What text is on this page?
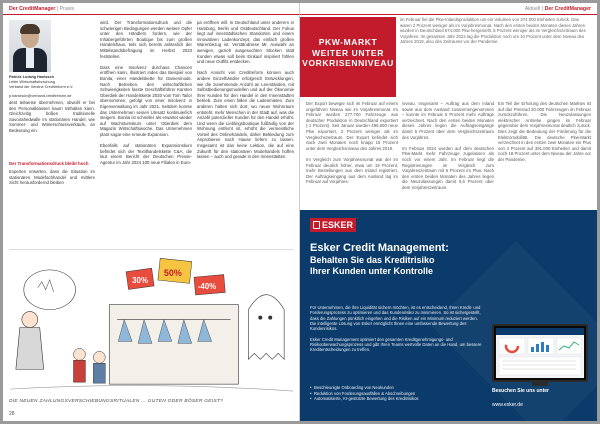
Der CreditManager | Praxis
Patrick Ludwig Hantzsch
Leiter Wirtschaftsforschung
Verband der Vereine Creditreform e.V.
p.hantzsch@verband.creditreform.de
dest teilweise übernehmen, obwohl er bei den Personalklassen kaum mithalten kann. Gleichzeitig büßen traditionelle Savoirahedwalle im stationären Handel, wie Sommer- und Winterschlussverkäufe, an Bedeutung ein.
Der Transformationsdruck bleibt hoch
Experten erwarten, dass die Situation im stationären Modefachhandel und mittlere Sicht herausfordernd bleiben
wird. Der Transformationsdruck und die schwierigen Bedingungen werden weitere Opfer unter den Händlern fordern, wie der Inhabergeführten Boutique bis zum großen Handelshaus, teils sich bereits anlässlich der Mittelstandsbefragung im Herbst 2023 feststellen.

Dass eine Insolvenz durchaus Chancen eröffnen kann, illustriert indes das Beispiel von Bonita, einer Handelskette für Damenmode. Nach Betrieben, den wirtschaftlichen Schwierigkeiten fasste Geschäftsführer Karsten Oberdiek der Handelskette 2020 vom Tom Tailor übernommen, gefolgt von einer Insolvenz in Eigenverwaltung im Jahr 2021. Seitdem konnte das Unternehmen seinen Umsatz kontinuierlich steigern. Bonita ist schneller als erwartet wieder auf Wachstumskurs unter Oberdiek dem Magazin Wirtschaftswoche. Das Unternehmen plant sogar eine erneute Expansion.

Ebenfalls auf stationären Expansionskurs befindet sich der Textilhandelskette C&A, die laut einem Bericht der Deutschen Presse-Agentur im Jahr 2024 100 neue Filialen in Euro-
pa eröffnen will. In Deutschland unter anderem in Hamburg, Berlin und Ostdeutschland. Der Fokus liegt auf innerstädtischen Standorten und einem innovativen Ladenkonzept, das einfach großen Warenbezug ist. Verständnisse Mr. Auswahl an wenigen, gezielt ausgesuchten Stücken statt Kunden etwas soll beim Einkauf inspiriert fühlen und neue Outfits entdecken.

Nach Ansicht von Creditreform können auch andere Einzelhändler erfolgreich Entwicklungen, wie die zunehmende Anzahl an Leerständen, mit Selbstbedienungsmodellen und auf der Ökonomie ihrer Kunden für den Handel in den Innenstädten betrieb. Zum einen fallen die Ladenmieten. Zum anderen halten sich dort, wo neuer Wohnraum entsteht, mehr Menschen in der Stadt auf, was die Anzahl potenzieller Kunden für den Handel erhöht. Und wenn die Lieblingsboutique fußläufig von der Wohnung entfernt ist, erhöht die vermeintliche Vorteil des Onlinehandels, daher Bekleidung zum Anprobieren nach Hause liefern zu lassen. Insgesamt ist das keine Lektion, die auf eine Zukunft für den stationären Modehandels hoffen lassen – auch und gerade in den Innenstädten.
30%
50%
-40%
DIE NEUEN ZAHLUNGSVERSCHIEBUNGSRITUALEN ... GUTEN ODER BÖSER GEIST?
28
Aktuell | Der CreditManager
PKW-MARKT
WEITER UNTER
VORKRISENNIVEAU
im Februar fiel die Pkw-Inlandsproduktion um ein Volumen von 374.000 Einheiten zurück. Das waren 2 Prozent weniger als im Vorjahresmonat. Nach den ersten beiden Monaten dieses Jahres wurden in Deutschland 674.000 Pkw hergestellt, 5 Prozent weniger als im Vergleichszeitraum des Vorjahres. Im gesamten Jahr 2023 lag die Produktion noch um 10 Prozent unter dem Niveau des Jahres 2019, also des Zeitraums vor der Pandemie.
Der Export bewegte sich im Februar auf einem ungefähren Niveau wie im Vorjahresmonat. Im Februar wurden 277.700 Fahrzeuge aus deutscher Produktion in Deutschland exportiert (-1 Prozent). Seit Januar wurden 496.600 neue Pkw exportiert, 2 Prozent weniger als im Vergleichszeitraum. Der Export befindet sich nach zwei Monaten noch knapp 15 Prozent unter dem Vergleichsniveau des Jahres 2019.

Im Vergleich zum Vorjahresmonat war der im Februar deutlich höher, etwa um 19 Prozent, mehr Bestellungen aus dem Inland registriert. Der Auftragseingang aus dem Ausland lag im Februar auf Vorjahres-
niveau. Insgesamt – Auftrag aus dem Inland sowie aus dem Ausland zusammengenommen – konnte im Februar 5 Prozent mehr Aufträge verzeichnet. Nach den ersten beiden Monaten dieses Jahres liegen die Auftragseingänge damit 5 Prozent über dem Vergleichszeitraum des Vorjahres.

Im Februar 2024 wurden auf dem deutschen Pkw-Markt mehr Fahrzeuge zugelassen als noch vor einem Jahr. Im Februar liegt die Registrierungen im Vergleich zum Vorjahreszeitraum mit 5 Prozent im Plus. Nach den ersten beiden Monaten des Jahres liegen die Neuzulassungen damit 0,6 Prozent über dem Vorjahreszeitraum.
Ein Teil der Erholung des deutschen Marktes ist auf das Preisrad 20.000 Fahrzeugen im Februar zurückzuführen. Die Neuzulassungen elektrischer Antriebe gingen im Februar gegenüber dem Vorjahresmonat deutlich zurück. Dies zeigt die Bedeutung der Förderung für die Elektromobilität. Die deutsche Pkw-Markt verzeichnet in den ersten zwei Monaten ein Plus von 4 Prozent auf 391.000 Einheiten und damit noch 18 Prozent unter dem Niveau der Jahre vor der Pandemie.
ESKER
Esker Credit Management:
Behalten Sie das Kreditrisiko
Ihrer Kunden unter Kontrolle
Für Unternehmen, die ihre Liquidität sichern möchten, ist es entscheidend, Ihren Kredit- und Forderungsprozess zu optimieren und das Kundenrisiko zu minimieren. So ist sichergestellt, dass die Zahlungen pünktlich eingehen und die Risiken auf ein Minimum reduziert werden. Die intelligente Lösung von Esker ermöglicht Ihnen eine umfassende Bewertung des Kundenrisikos.

Esker Credit Management optimiert den gesamten Kreditgenehmigungs- und Risikoüberwachungsprozess und gibt Ihren Teams wertvolle Daten an die Hand, um bessere Kreditentscheidungen zu treffen.
• Beschleunigte Onboarding von Neukunden
• Reduktion von Forderungsausfällen & Abschreibungen
• Automatisierte, KI-gestützte Bewertung des Kreditrisikos
Besuchen Sie uns unter
www.esker.de
